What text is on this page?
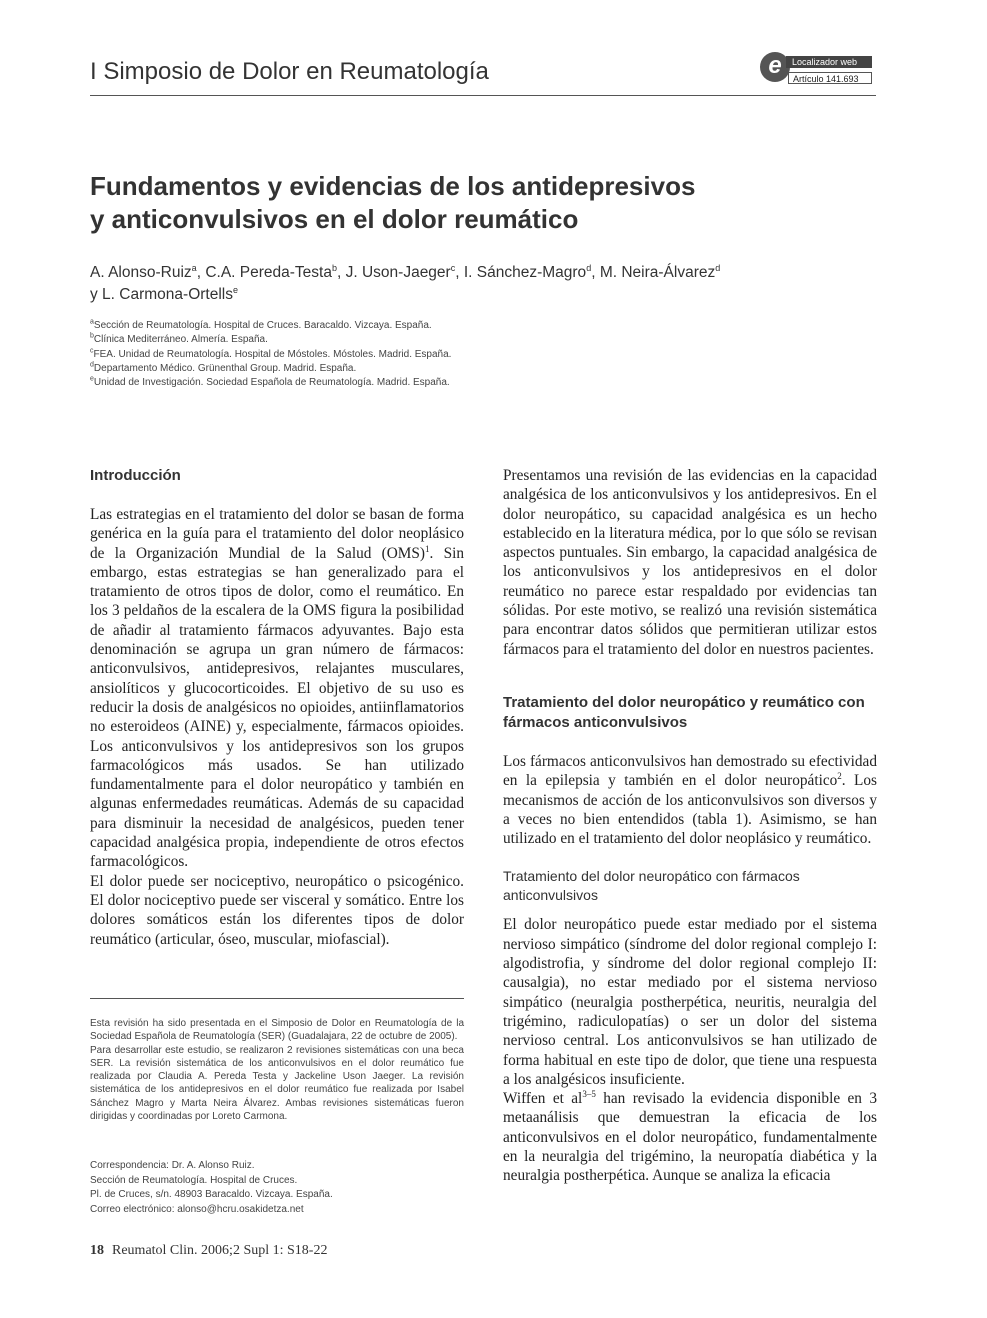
I Simposio de Dolor en Reumatología	e	Localizador web
Artículo 141.693
Fundamentos y evidencias de los antidepresivos
y anticonvulsivos en el dolor reumático
A. Alonso-Ruiz$^a$, C.A. Pereda-Testa$^b$, J. Uson-Jaeger$^c$, I. Sánchez-Magro$^d$, M. Neira-Álvarez$^d$
y L. Carmona-Ortells$^e$
$^a$Sección de Reumatología. Hospital de Cruces. Baracaldo. Vizcaya. España.
$^b$Clínica Mediterráneo. Almería. España.
$^c$FEA. Unidad de Reumatología. Hospital de Móstoles. Móstoles. Madrid. España.
$^d$Departamento Médico. Grünenthal Group. Madrid. España.
$^e$Unidad de Investigación. Sociedad Española de Reumatología. Madrid. España.
Introducción

Las estrategias en el tratamiento del dolor se basan de forma genérica en la guía para el tratamiento del dolor neoplásico de la Organización Mundial de la Salud (OMS)$^1$. Sin embargo, estas estrategias se han generalizado para el tratamiento de otros tipos de dolor, como el reumático. En los 3 peldaños de la escalera de la OMS figura la posibilidad de añadir al tratamiento fármacos adyuvantes. Bajo esta denominación se agrupa un gran número de fármacos: anticonvulsivos, antidepresivos, relajantes musculares, ansiolíticos y glucocorticoides. El objetivo de su uso es reducir la dosis de analgésicos no opioides, antiinflamatorios no esteroideos (AINE) y, especialmente, fármacos opioides. Los anticonvulsivos y los antidepresivos son los grupos farmacológicos más usados. Se han utilizado fundamentalmente para el dolor neuropático y también en algunas enfermedades reumáticas. Además de su capacidad para disminuir la necesidad de analgésicos, pueden tener capacidad analgésica propia, independiente de otros efectos farmacológicos.

El dolor puede ser nociceptivo, neuropático o psicogénico. El dolor nociceptivo puede ser visceral y somático. Entre los dolores somáticos están los diferentes tipos de dolor reumático (articular, óseo, muscular, miofascial).

Esta revisión ha sido presentada en el Simposio de Dolor en Reumatología de la Sociedad Española de Reumatología (SER) (Guadalajara, 22 de octubre de 2005).

Para desarrollar este estudio, se realizaron 2 revisiones sistemáticas con una beca SER. La revisión sistemática de los anticonvulsivos en el dolor reumático fue realizada por Claudia A. Pereda Testa y Jackeline Uson Jaeger. La revisión sistemática de los antidepresivos en el dolor reumático fue realizada por Isabel Sánchez Magro y Marta Neira Álvarez. Ambas revisiones sistemáticas fueron dirigidas y coordinadas por Loreto Carmona.

Correspondencia: Dr. A. Alonso Ruiz.
Sección de Reumatología. Hospital de Cruces.
Pl. de Cruces, s/n. 48903 Baracaldo. Vizcaya. España.
Correo electrónico: alonso@hcru.osakidetza.net

Presentamos una revisión de las evidencias en la capacidad analgésica de los anticonvulsivos y los antidepresivos. En el dolor neuropático, su capacidad analgésica es un hecho establecido en la literatura médica, por lo que sólo se revisan aspectos puntuales. Sin embargo, la capacidad analgésica de los anticonvulsivos y los antidepresivos en el dolor reumático no parece estar respaldado por evidencias tan sólidas. Por este motivo, se realizó una revisión sistemática para encontrar datos sólidos que permitieran utilizar estos fármacos para el tratamiento del dolor en nuestros pacientes.

Tratamiento del dolor neuropático y reumático con fármacos anticonvulsivos

Los fármacos anticonvulsivos han demostrado su efectividad en la epilepsia y también en el dolor neuropático$^2$. Los mecanismos de acción de los anticonvulsivos son diversos y a veces no bien entendidos (tabla 1). Asimismo, se han utilizado en el tratamiento del dolor neoplásico y reumático.

Tratamiento del dolor neuropático con fármacos anticonvulsivos

El dolor neuropático puede estar mediado por el sistema nervioso simpático (síndrome del dolor regional complejo I: algodistrofia, y síndrome del dolor regional complejo II: causalgia), no estar mediado por el sistema nervioso simpático (neuralgia postherpética, neuritis, neuralgia del trigémino, radiculopatías) o ser un dolor del sistema nervioso central. Los anticonvulsivos se han utilizado de forma habitual en este tipo de dolor, que tiene una respuesta a los analgésicos insuficiente.

Wiffen et $al^{3-5}$ han revisado la evidencia disponible en 3 metaanálisis que demuestran la eficacia de los anticonvulsivos en el dolor neuropático, fundamentalmente en la neuralgia del trigémino, la neuropatía diabética y la neuralgia postherpética. Aunque se analiza la eficacia

18 Reumatol Clin. 2006;2 Supl 1: S18-22
